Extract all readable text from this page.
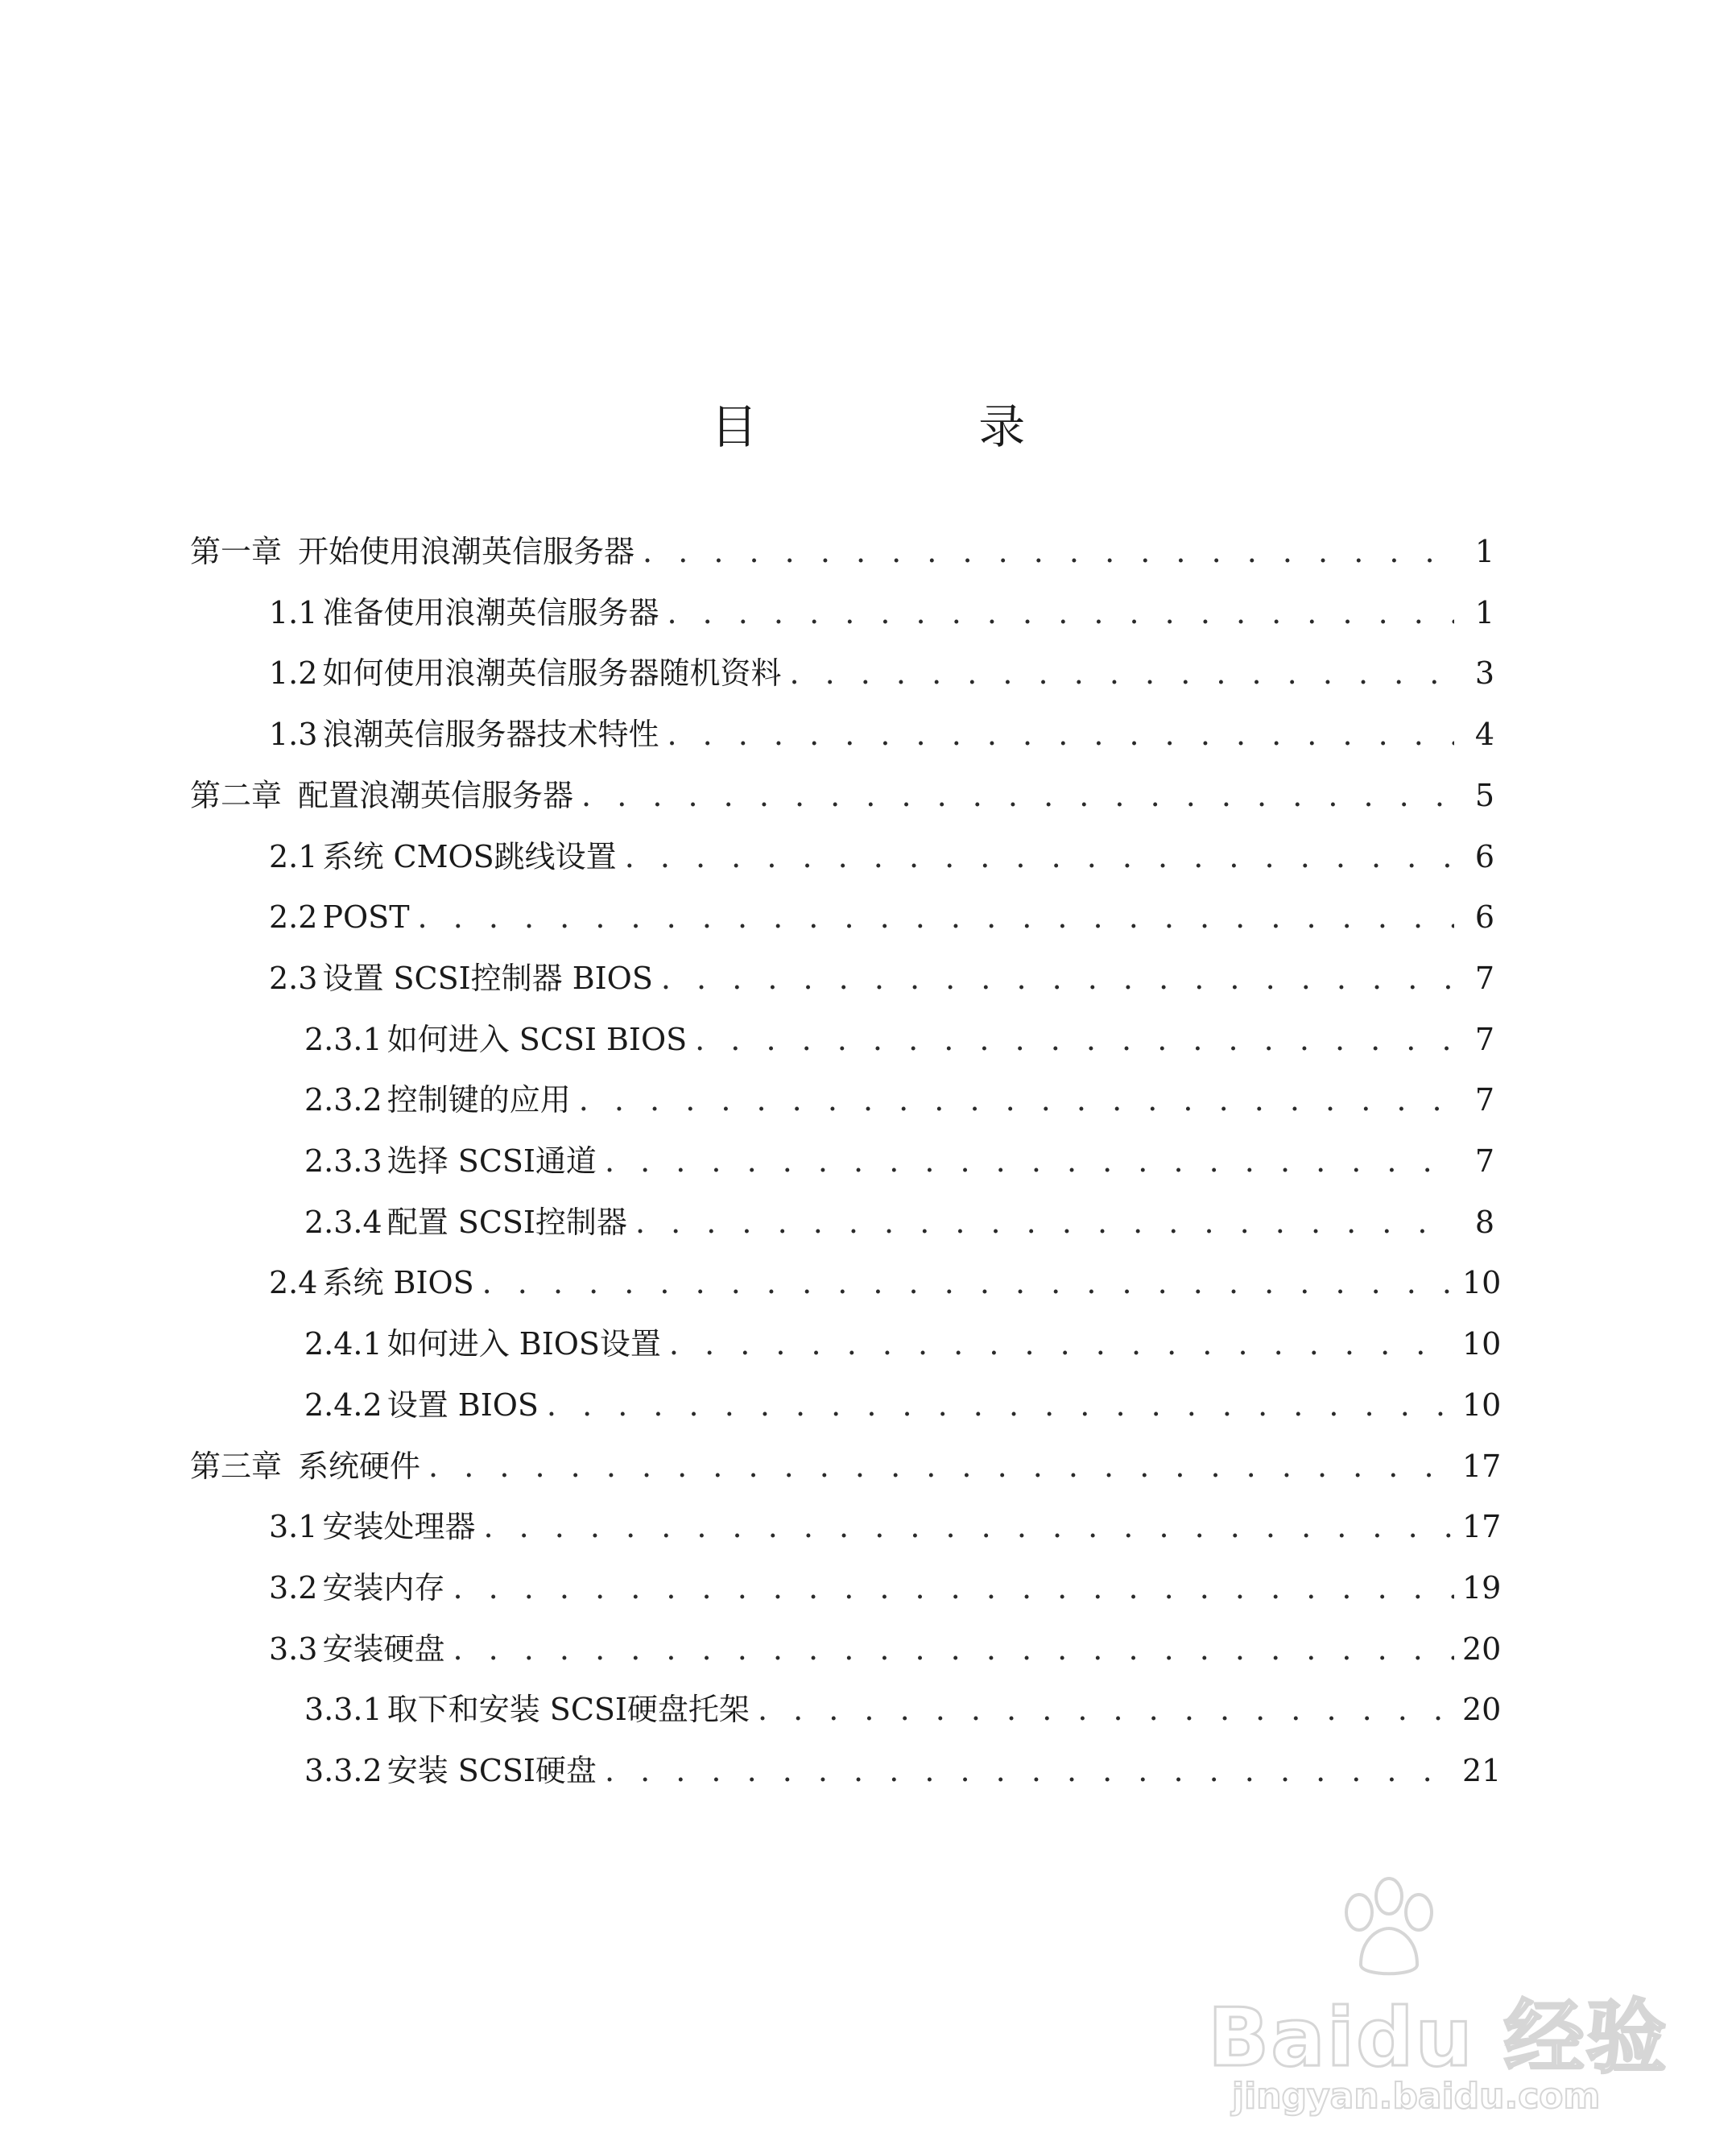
目 录
第一章 开始使用浪潮英信服务器 . . .	1
1.1 准备使用浪潮英信服务器 . . .	1
1.2 如何使用浪潮英信服务器随机资料 . . .	3
1.3 浪潮英信服务器技术特性 . . .	4
第二章 配置浪潮英信服务器 . . .	5
2.1 系统 CMOS跳线设置 . . .	6
2.2 POST . . .	6
2.3 设置 SCSI控制器 BIOS . . .	7
2.3.1 如何进入 SCSI BIOS . . .	7
2.3.2 控制键的应用 . . .	7
2.3.3 选择 SCSI通道 . . .	7
2.3.4 配置 SCSI控制器 . . .	8
2.4 系统 BIOS . . .	10
2.4.1 如何进入 BIOS设置 . . .	10
2.4.2 设置 BIOS . . .	10
第三章 系统硬件 . . .	17
3.1 安装处理器 . . .	17
3.2 安装内存 . . .	19
3.3 安装硬盘 . . .	20
3.3.1 取下和安装 SCSI硬盘托架 . . .	20
3.3.2 安装 SCSI硬盘 . . .	21
Baidu 经验
jingyan.baidu.com
